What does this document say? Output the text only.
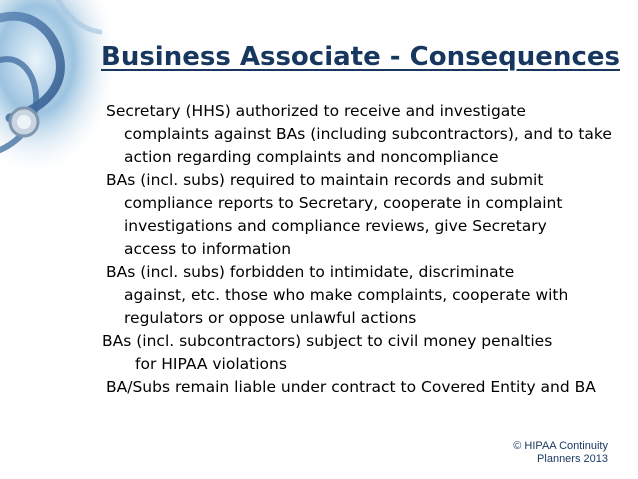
Business Associate - Consequences

Secretary (HHS) authorized to receive and investigate
complaints against BAs (including subcontractors), and to take
action regarding complaints and noncompliance

BAs (incl. subs) required to maintain records and submit
compliance reports to Secretary, cooperate in complaint
investigations and compliance reviews, give Secretary
access to information

BAs (incl. subs) forbidden to intimidate, discriminate
against, etc. those who make complaints, cooperate with
regulators or oppose unlawful actions

BAs (incl. subcontractors) subject to civil money penalties
for HIPAA violations

BA/Subs remain liable under contract to Covered Entity and BA

© HIPAA Continuity
Planners 2013
